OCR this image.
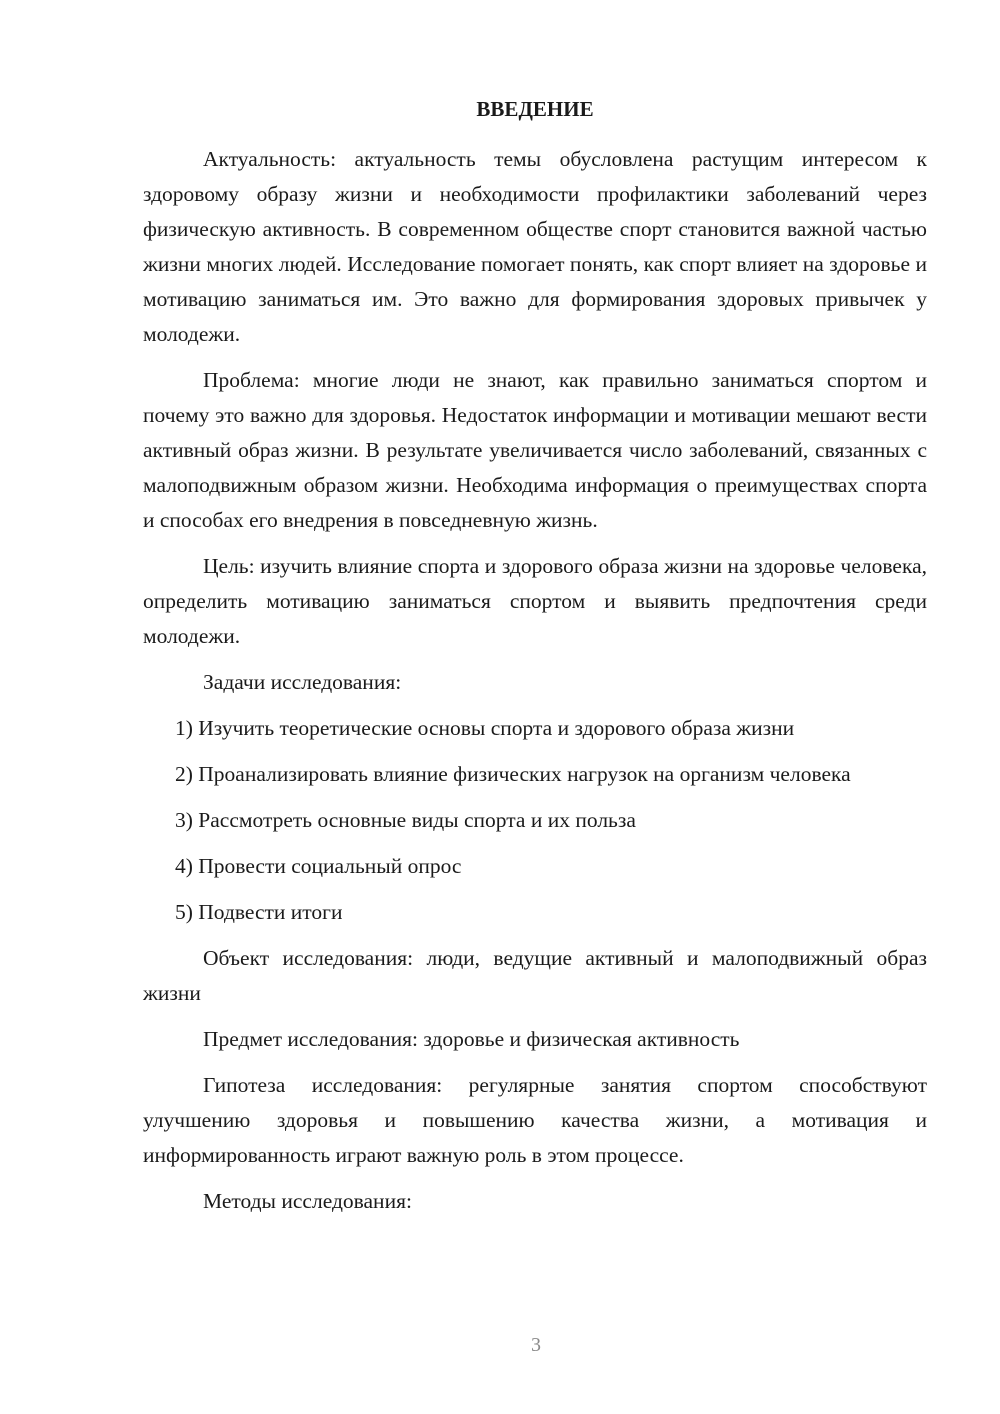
ВВЕДЕНИЕ

Актуальность: актуальность темы обусловлена растущим интересом к здоровому образу жизни и необходимости профилактики заболеваний через физическую активность. В современном обществе спорт становится важной частью жизни многих людей. Исследование помогает понять, как спорт влияет на здоровье и мотивацию заниматься им. Это важно для формирования здоровых привычек у молодежи.

Проблема: многие люди не знают, как правильно заниматься спортом и почему это важно для здоровья. Недостаток информации и мотивации мешают вести активный образ жизни. В результате увеличивается число заболеваний, связанных с малоподвижным образом жизни. Необходима информация о преимуществах спорта и способах его внедрения в повседневную жизнь.

Цель: изучить влияние спорта и здорового образа жизни на здоровье человека, определить мотивацию заниматься спортом и выявить предпочтения среди молодежи.

Задачи исследования:

1) Изучить теоретические основы спорта и здорового образа жизни

2) Проанализировать влияние физических нагрузок на организм человека

3) Рассмотреть основные виды спорта и их польза

4) Провести социальный опрос

5) Подвести итоги

Объект исследования: люди, ведущие активный и малоподвижный образ жизни

Предмет исследования: здоровье и физическая активность

Гипотеза исследования: регулярные занятия спортом способствуют улучшению здоровья и повышению качества жизни, а мотивация и информированность играют важную роль в этом процессе.

Методы исследования:

3
